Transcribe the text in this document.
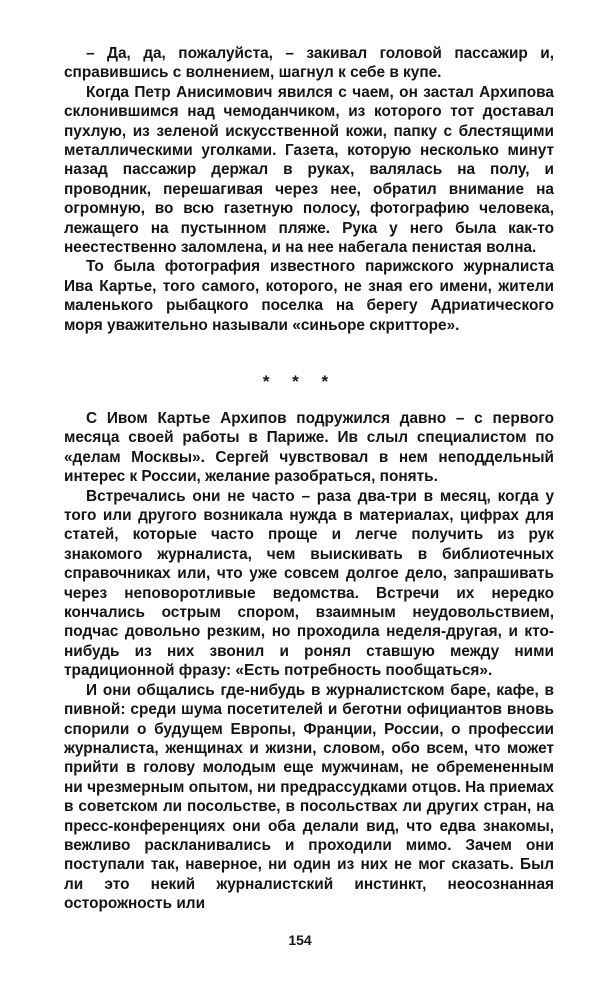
– Да, да, пожалуйста, – закивал головой пассажир и, справившись с волнением, шагнул к себе в купе.

Когда Петр Анисимович явился с чаем, он застал Архипова склонившимся над чемоданчиком, из которого тот доставал пухлую, из зеленой искусственной кожи, папку с блестящими металлическими уголками. Газета, которую несколько минут назад пассажир держал в руках, валялась на полу, и проводник, перешагивая через нее, обратил внимание на огромную, во всю газетную полосу, фотографию человека, лежащего на пустынном пляже. Рука у него была как-то неестественно заломлена, и на нее набегала пенистая волна.

То была фотография известного парижского журналиста Ива Картье, того самого, которого, не зная его имени, жители маленького рыбацкого поселка на берегу Адриатического моря уважительно называли «синьоре скритторе».

* * *

С Ивом Картье Архипов подружился давно – с первого месяца своей работы в Париже. Ив слыл специалистом по «делам Москвы». Сергей чувствовал в нем неподдельный интерес к России, желание разобраться, понять.

Встречались они не часто – раза два-три в месяц, когда у того или другого возникала нужда в материалах, цифрах для статей, которые часто проще и легче получить из рук знакомого журналиста, чем выискивать в библиотечных справочниках или, что уже совсем долгое дело, запрашивать через неповоротливые ведомства. Встречи их нередко кончались острым спором, взаимным неудовольствием, подчас довольно резким, но проходила неделя-другая, и кто-нибудь из них звонил и ронял ставшую между ними традиционной фразу: «Есть потребность пообщаться».

И они общались где-нибудь в журналистском баре, кафе, в пивной: среди шума посетителей и беготни официантов вновь спорили о будущем Европы, Франции, России, о профессии журналиста, женщинах и жизни, словом, обо всем, что может прийти в голову молодым еще мужчинам, не обремененным ни чрезмерным опытом, ни предрассудками отцов. На приемах в советском ли посольстве, в посольствах ли других стран, на пресс-конференциях они оба делали вид, что едва знакомы, вежливо раскланивались и проходили мимо. Зачем они поступали так, наверное, ни один из них не мог сказать. Был ли это некий журналистский инстинкт, неосознанная осторожность или

154
